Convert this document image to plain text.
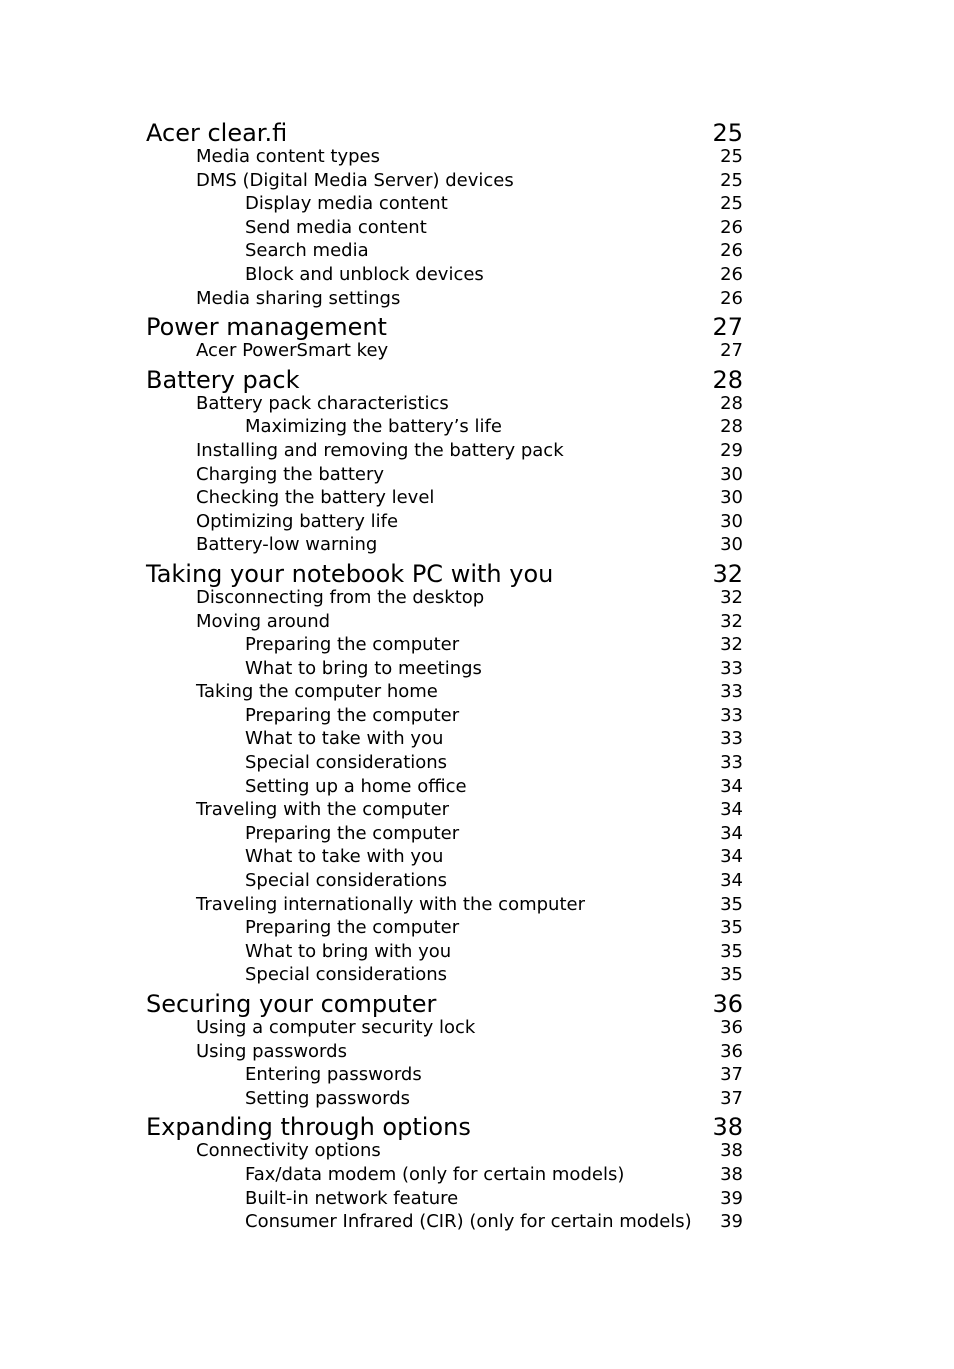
Acer clear.fi	25
Media content types	25
DMS (Digital Media Server) devices	25
Display media content	25
Send media content	26
Search media	26
Block and unblock devices	26
Media sharing settings	26
Power management	27
Acer PowerSmart key	27
Battery pack	28
Battery pack characteristics	28
Maximizing the battery’s life	28
Installing and removing the battery pack	29
Charging the battery	30
Checking the battery level	30
Optimizing battery life	30
Battery-low warning	30
Taking your notebook PC with you	32
Disconnecting from the desktop	32
Moving around	32
Preparing the computer	32
What to bring to meetings	33
Taking the computer home	33
Preparing the computer	33
What to take with you	33
Special considerations	33
Setting up a home office	34
Traveling with the computer	34
Preparing the computer	34
What to take with you	34
Special considerations	34
Traveling internationally with the computer	35
Preparing the computer	35
What to bring with you	35
Special considerations	35
Securing your computer	36
Using a computer security lock	36
Using passwords	36
Entering passwords	37
Setting passwords	37
Expanding through options	38
Connectivity options	38
Fax/data modem (only for certain models)	38
Built-in network feature	39
Consumer Infrared (CIR) (only for certain models) 39
